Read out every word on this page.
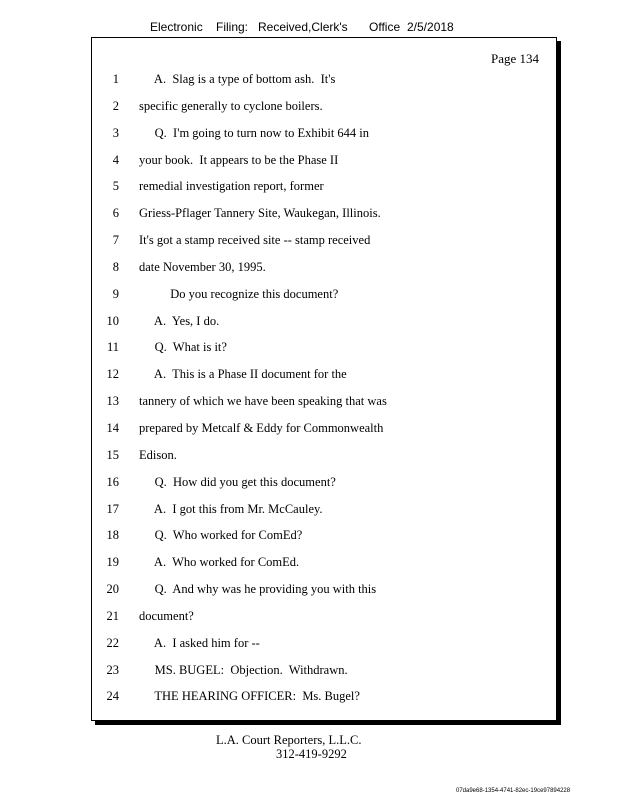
Electronic Filing: Received,Clerk's Office 2/5/2018
Page 134
1 A.  Slag is a type of bottom ash.  It's
2 specific generally to cyclone boilers.
3 Q.  I'm going to turn now to Exhibit 644 in
4 your book.  It appears to be the Phase II
5 remedial investigation report, former
6 Griess-Pflager Tannery Site, Waukegan, Illinois.
7 It's got a stamp received site -- stamp received
8 date November 30, 1995.
9 Do you recognize this document?
10 A.  Yes, I do.
11 Q.  What is it?
12 A.  This is a Phase II document for the
13 tannery of which we have been speaking that was
14 prepared by Metcalf & Eddy for Commonwealth
15 Edison.
16 Q.  How did you get this document?
17 A.  I got this from Mr. McCauley.
18 Q.  Who worked for ComEd?
19 A.  Who worked for ComEd.
20 Q.  And why was he providing you with this
21 document?
22 A.  I asked him for --
23 MS. BUGEL:  Objection.  Withdrawn.
24 THE HEARING OFFICER:  Ms. Bugel?
L.A. Court Reporters, L.L.C.
312-419-9292
07da9e68-1354-4741-82ec-19ce97894228
